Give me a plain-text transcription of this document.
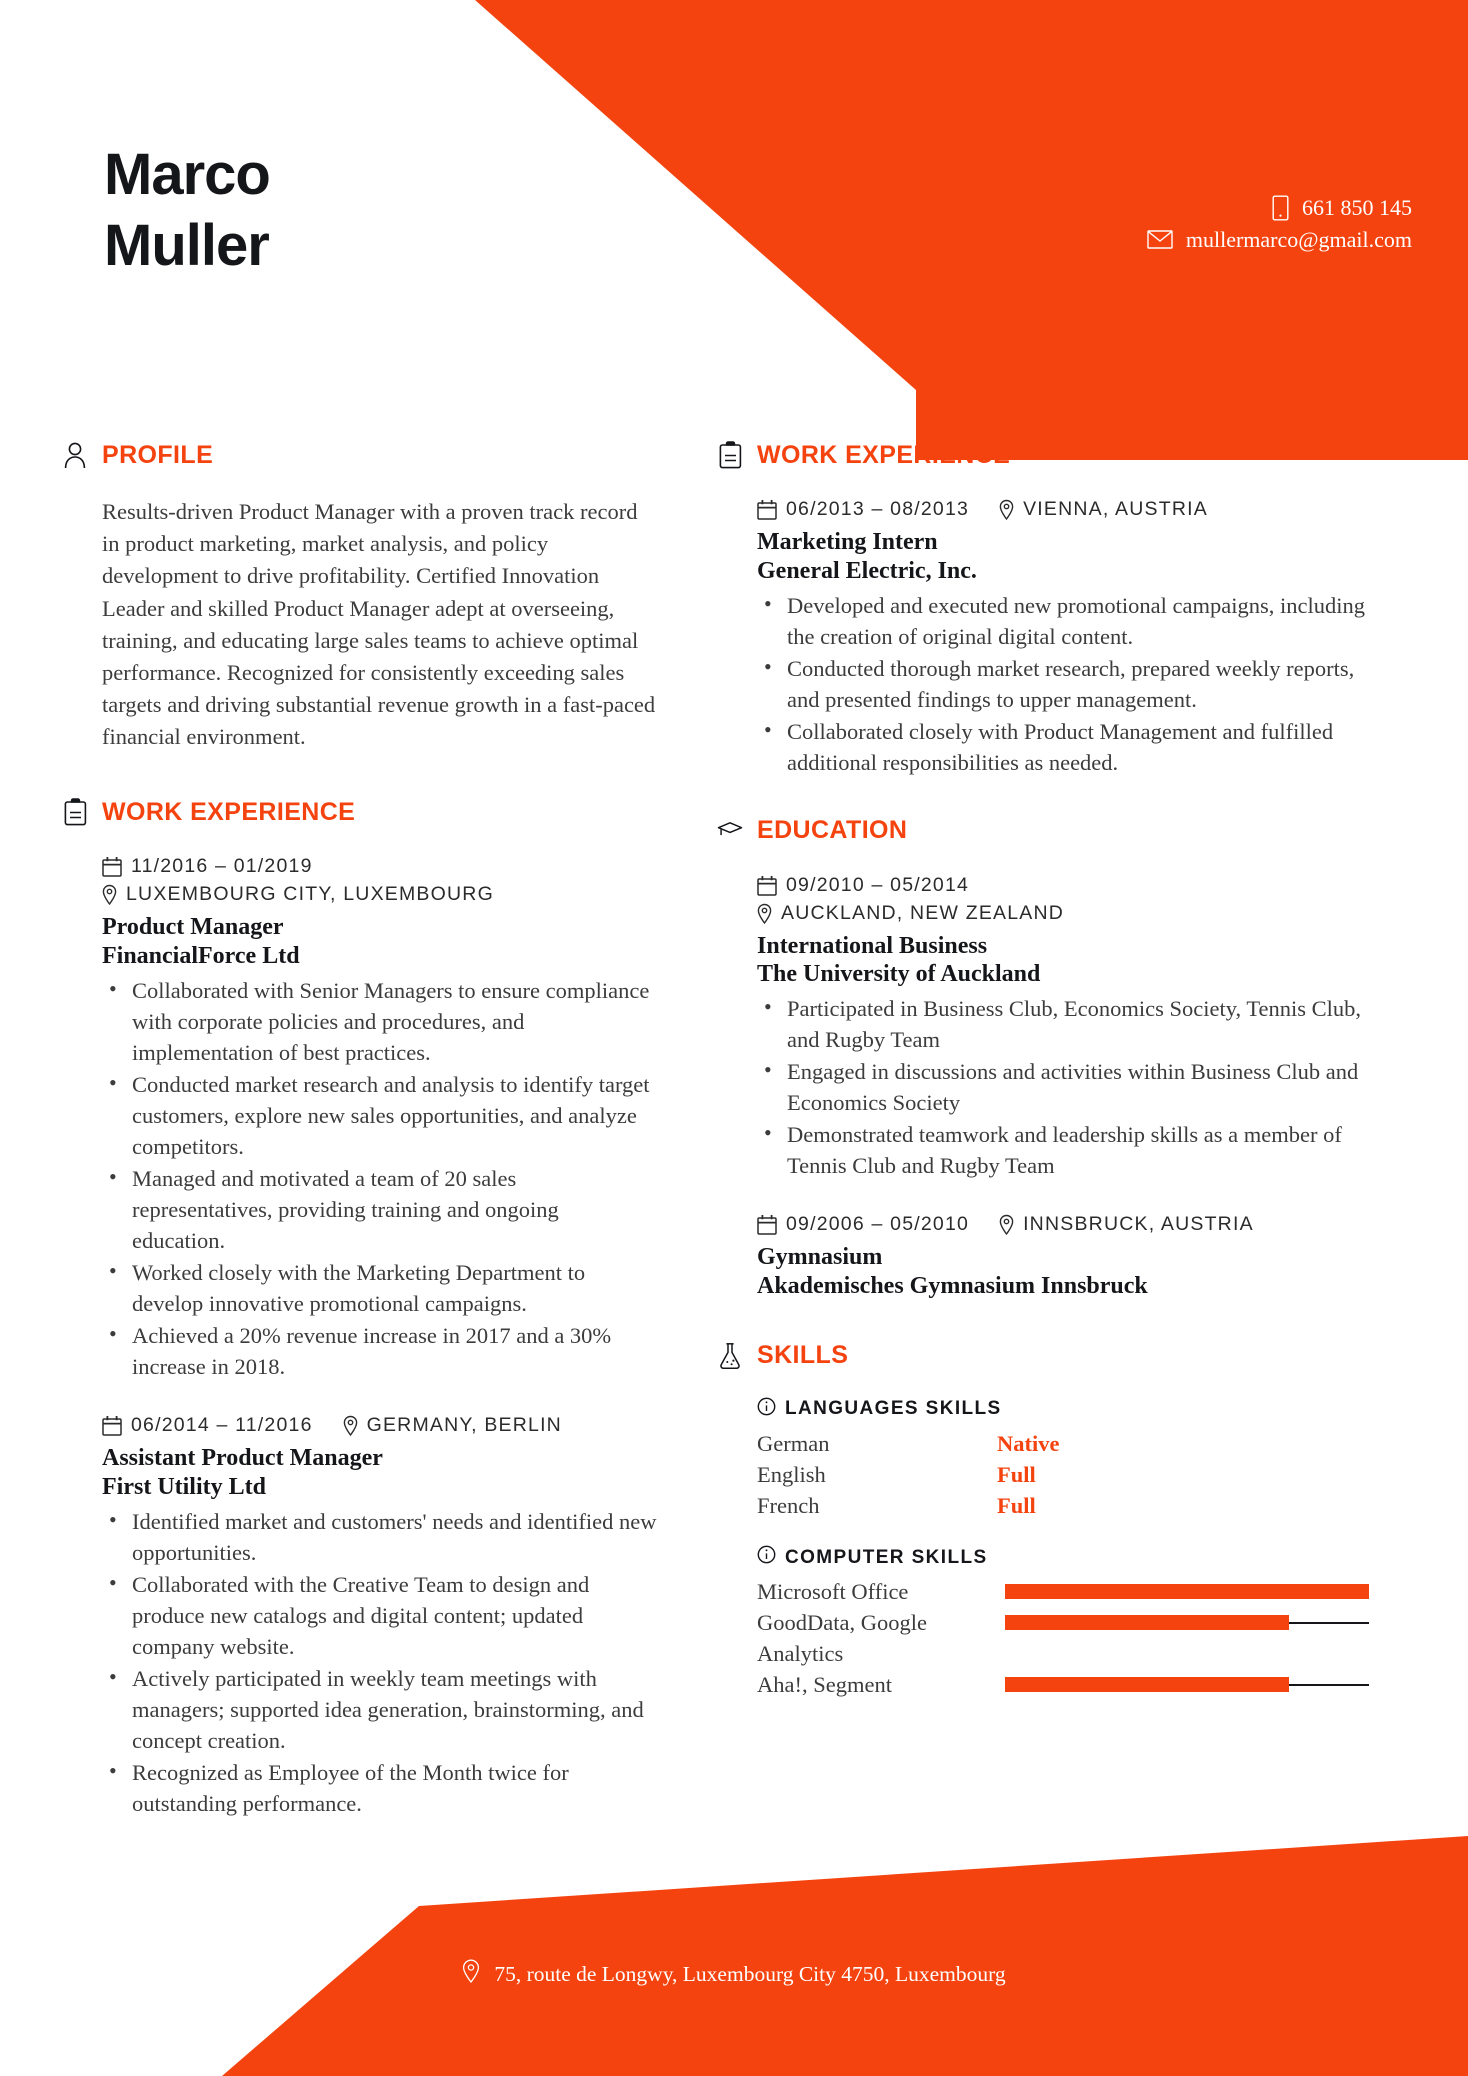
Marco
Muller
661 850 145
mullermarco@gmail.com
PROFILE

Results-driven Product Manager with a proven track record in product marketing, market analysis, and policy development to drive profitability. Certified Innovation Leader and skilled Product Manager adept at overseeing, training, and educating large sales teams to achieve optimal performance. Recognized for consistently exceeding sales targets and driving substantial revenue growth in a fast-paced financial environment.

WORK EXPERIENCE
11/2016 – 01/2019
LUXEMBOURG CITY, LUXEMBOURG
Product Manager
FinancialForce Ltd
• Collaborated with Senior Managers to ensure compliance with corporate policies and procedures, and implementation of best practices.
• Conducted market research and analysis to identify target customers, explore new sales opportunities, and analyze competitors.
• Managed and motivated a team of 20 sales representatives, providing training and ongoing education.
• Worked closely with the Marketing Department to develop innovative promotional campaigns.
• Achieved a 20% revenue increase in 2017 and a 30% increase in 2018.
06/2014 – 11/2016	GERMANY, BERLIN
Assistant Product Manager
First Utility Ltd
• Identified market and customers' needs and identified new opportunities.
• Collaborated with the Creative Team to design and produce new catalogs and digital content; updated company website.
• Actively participated in weekly team meetings with managers; supported idea generation, brainstorming, and concept creation.
• Recognized as Employee of the Month twice for outstanding performance.
WORK EXPERIENCE
06/2013 – 08/2013	VIENNA, AUSTRIA
Marketing Intern
General Electric, Inc.
• Developed and executed new promotional campaigns, including the creation of original digital content.
• Conducted thorough market research, prepared weekly reports, and presented findings to upper management.
• Collaborated closely with Product Management and fulfilled additional responsibilities as needed.
EDUCATION
09/2010 – 05/2014
AUCKLAND, NEW ZEALAND
International Business
The University of Auckland
• Participated in Business Club, Economics Society, Tennis Club, and Rugby Team
• Engaged in discussions and activities within Business Club and Economics Society
• Demonstrated teamwork and leadership skills as a member of Tennis Club and Rugby Team
09/2006 – 05/2010	INNSBRUCK, AUSTRIA
Gymnasium
Akademisches Gymnasium Innsbruck
SKILLS
LANGUAGES SKILLS
German	Native
English	Full
French	Full
COMPUTER SKILLS
Microsoft Office
GoodData, Google Analytics
Aha!, Segment
75, route de Longwy, Luxembourg City 4750, Luxembourg
